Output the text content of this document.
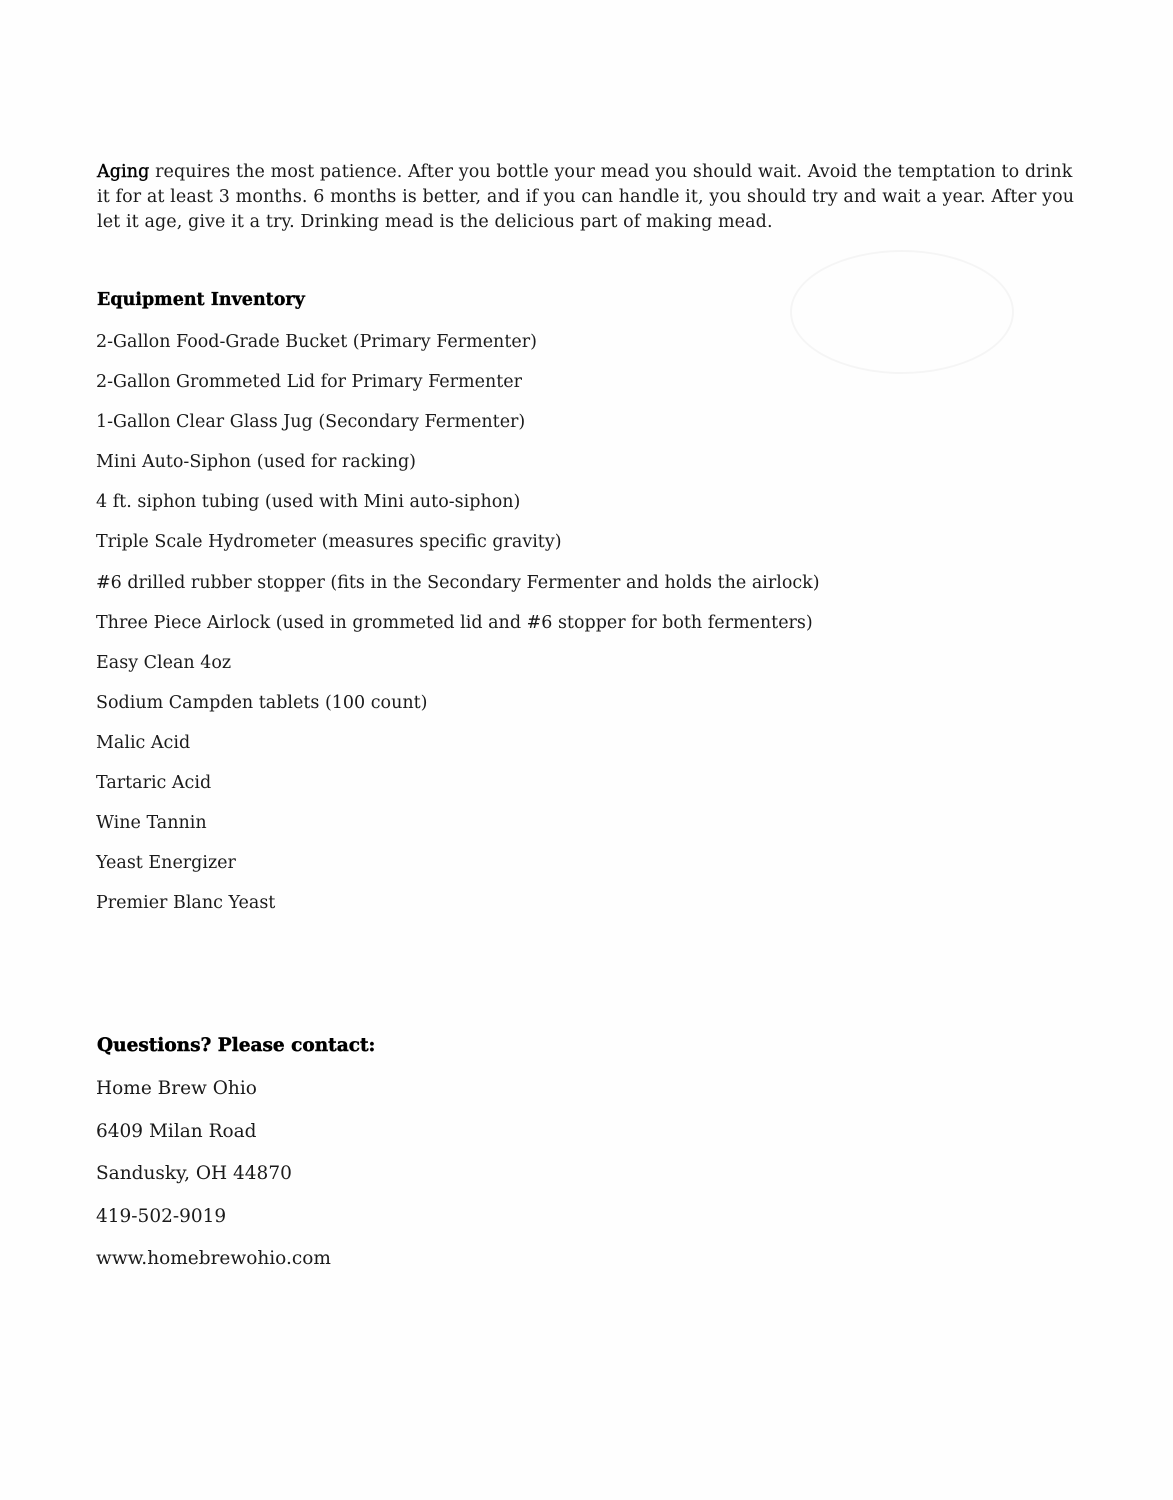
Aging requires the most patience. After you bottle your mead you should wait. Avoid the temptation to drink it for at least 3 months. 6 months is better, and if you can handle it, you should try and wait a year. After you let it age, give it a try. Drinking mead is the delicious part of making mead.

Equipment Inventory
2-Gallon Food-Grade Bucket (Primary Fermenter)
2-Gallon Grommeted Lid for Primary Fermenter
1-Gallon Clear Glass Jug (Secondary Fermenter)
Mini Auto-Siphon (used for racking)
4 ft. siphon tubing (used with Mini auto-siphon)
Triple Scale Hydrometer (measures specific gravity)
#6 drilled rubber stopper (fits in the Secondary Fermenter and holds the airlock)
Three Piece Airlock (used in grommeted lid and #6 stopper for both fermenters)
Easy Clean 4oz
Sodium Campden tablets (100 count)
Malic Acid
Tartaric Acid
Wine Tannin
Yeast Energizer
Premier Blanc Yeast
Questions? Please contact:
Home Brew Ohio
6409 Milan Road
Sandusky, OH 44870
419-502-9019
www.homebrewohio.com
